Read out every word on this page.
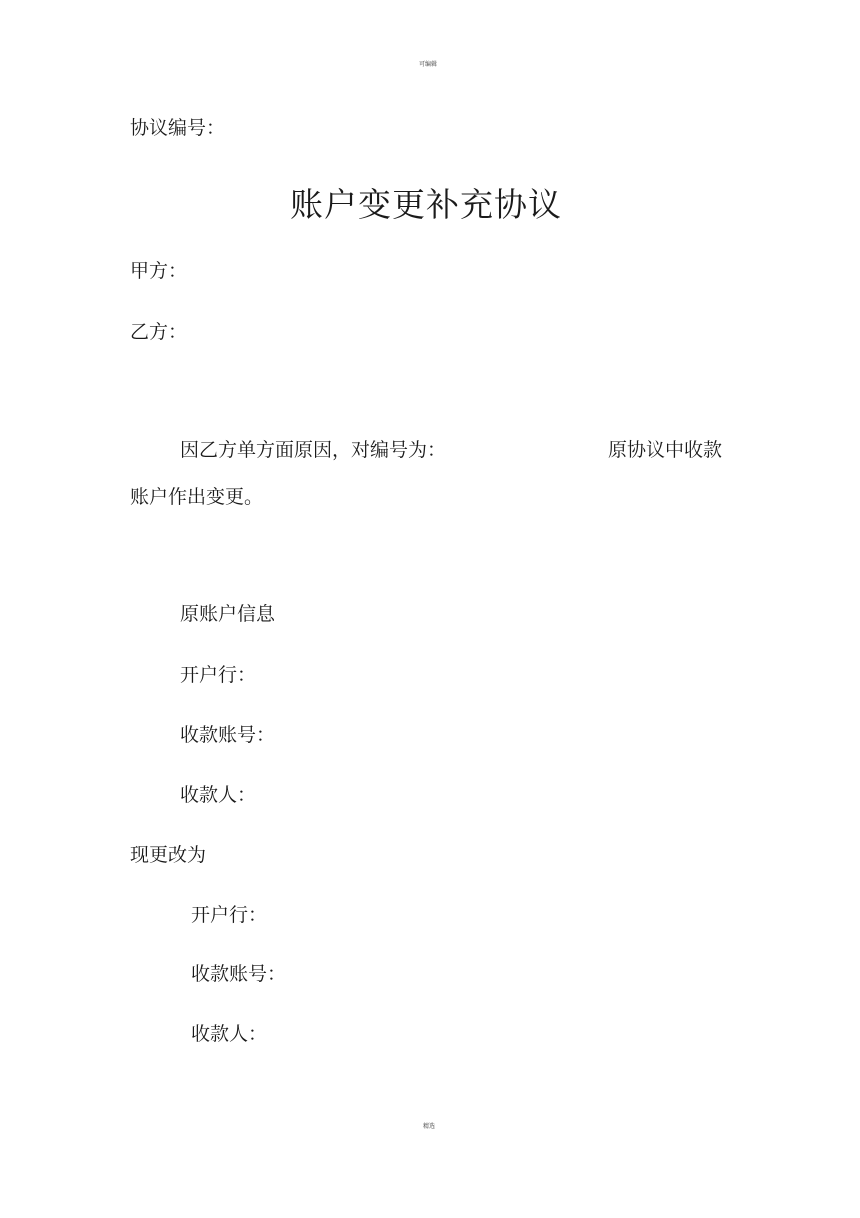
可编辑
协议编号：
账户变更补充协议
甲方：
乙方：
因乙方单方面原因，对编号为：	原协议中收款
账户作出变更。
原账户信息
开户行：
收款账号：
收款人：
现更改为
开户行：
收款账号：
收款人：
精选
